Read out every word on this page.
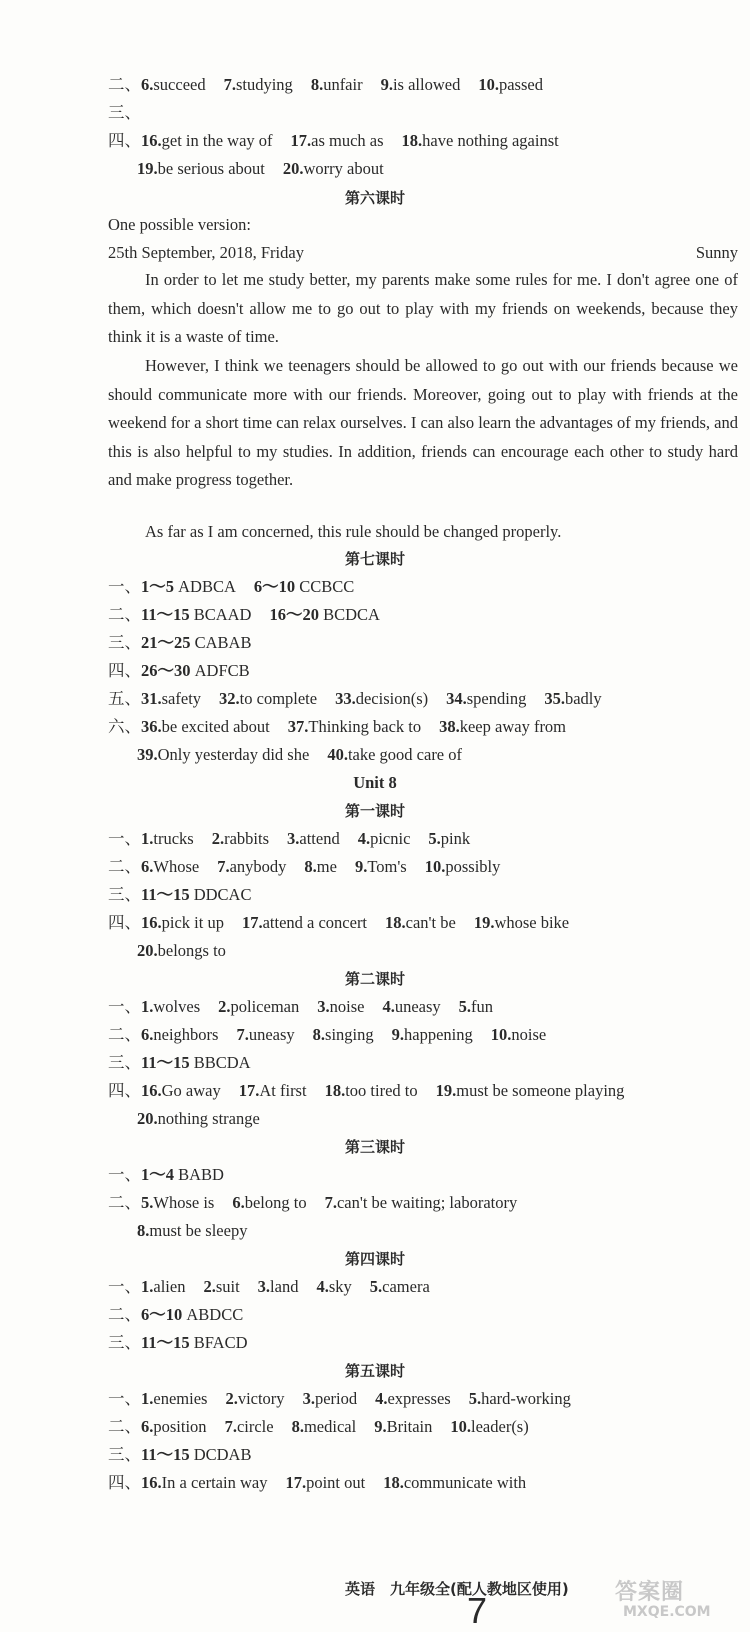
二、6.succeed 7.studying 8.unfair 9.is allowed 10.passed
三、
四、16.get in the way of 17.as much as 18.have nothing against
19.be serious about 20.worry about
第六课时
One possible version:
25th September, 2018, Friday	Sunny
In order to let me study better, my parents make some rules for me. I don't agree one of them, which doesn't allow me to go out to play with my friends on weekends, because they think it is a waste of time.
However, I think we teenagers should be allowed to go out with our friends because we should communicate more with our friends. Moreover, going out to play with friends at the weekend for a short time can relax ourselves. I can also learn the advantages of my friends, and this is also helpful to my studies. In addition, friends can encourage each other to study hard and make progress together.
As far as I am concerned, this rule should be changed properly.
第七课时
一、1～5 ADBCA 6～10 CCBCC
二、11～15 BCAAD 16～20 BCDCA
三、21～25 CABAB
四、26～30 ADFCB
五、31.safety 32.to complete 33.decision(s) 34.spending 35.badly
六、36.be excited about 37.Thinking back to 38.keep away from
39.Only yesterday did she 40.take good care of
Unit 8
第一课时
一、1.trucks 2.rabbits 3.attend 4.picnic 5.pink
二、6.Whose 7.anybody 8.me 9.Tom's 10.possibly
三、11～15 DDCAC
四、16.pick it up 17.attend a concert 18.can't be 19.whose bike
20.belongs to
第二课时
一、1.wolves 2.policeman 3.noise 4.uneasy 5.fun
二、6.neighbors 7.uneasy 8.singing 9.happening 10.noise
三、11～15 BBCDA
四、16.Go away 17.At first 18.too tired to 19.must be someone playing
20.nothing strange
第三课时
一、1～4 BABD
二、5.Whose is 6.belong to 7.can't be waiting; laboratory
8.must be sleepy
第四课时
一、1.alien 2.suit 3.land 4.sky 5.camera
二、6～10 ABDCC
三、11～15 BFACD
第五课时
一、1.enemies 2.victory 3.period 4.expresses 5.hard-working
二、6.position 7.circle 8.medical 9.Britain 10.leader(s)
三、11～15 DCDAB
四、16.In a certain way 17.point out 18.communicate with
英语　九年级全(配人教地区使用)
7	答案圈
MXQE.COM
